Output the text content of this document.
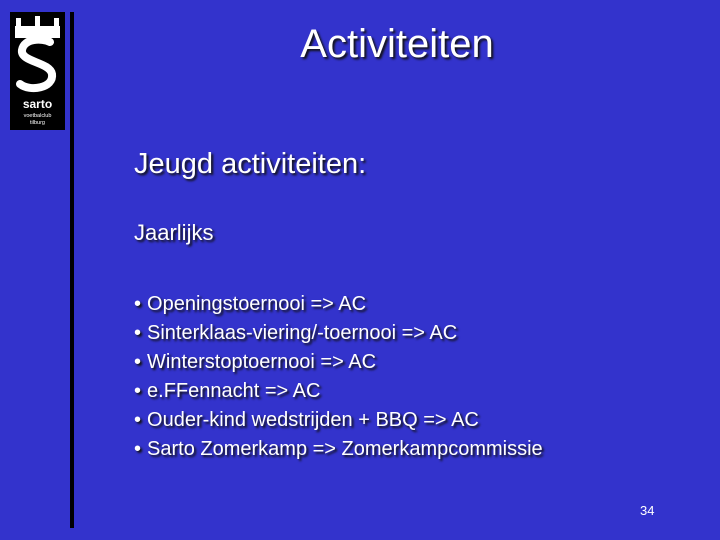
sarto
voetbalclub
tilburg
Activiteiten
Jeugd activiteiten:
Jaarlijks
• Openingstoernooi => AC
• Sinterklaas-viering/-toernooi => AC
• Winterstoptoernooi => AC
• e.FFennacht => AC
• Ouder-kind wedstrijden + BBQ => AC
• Sarto Zomerkamp => Zomerkampcommissie
34
